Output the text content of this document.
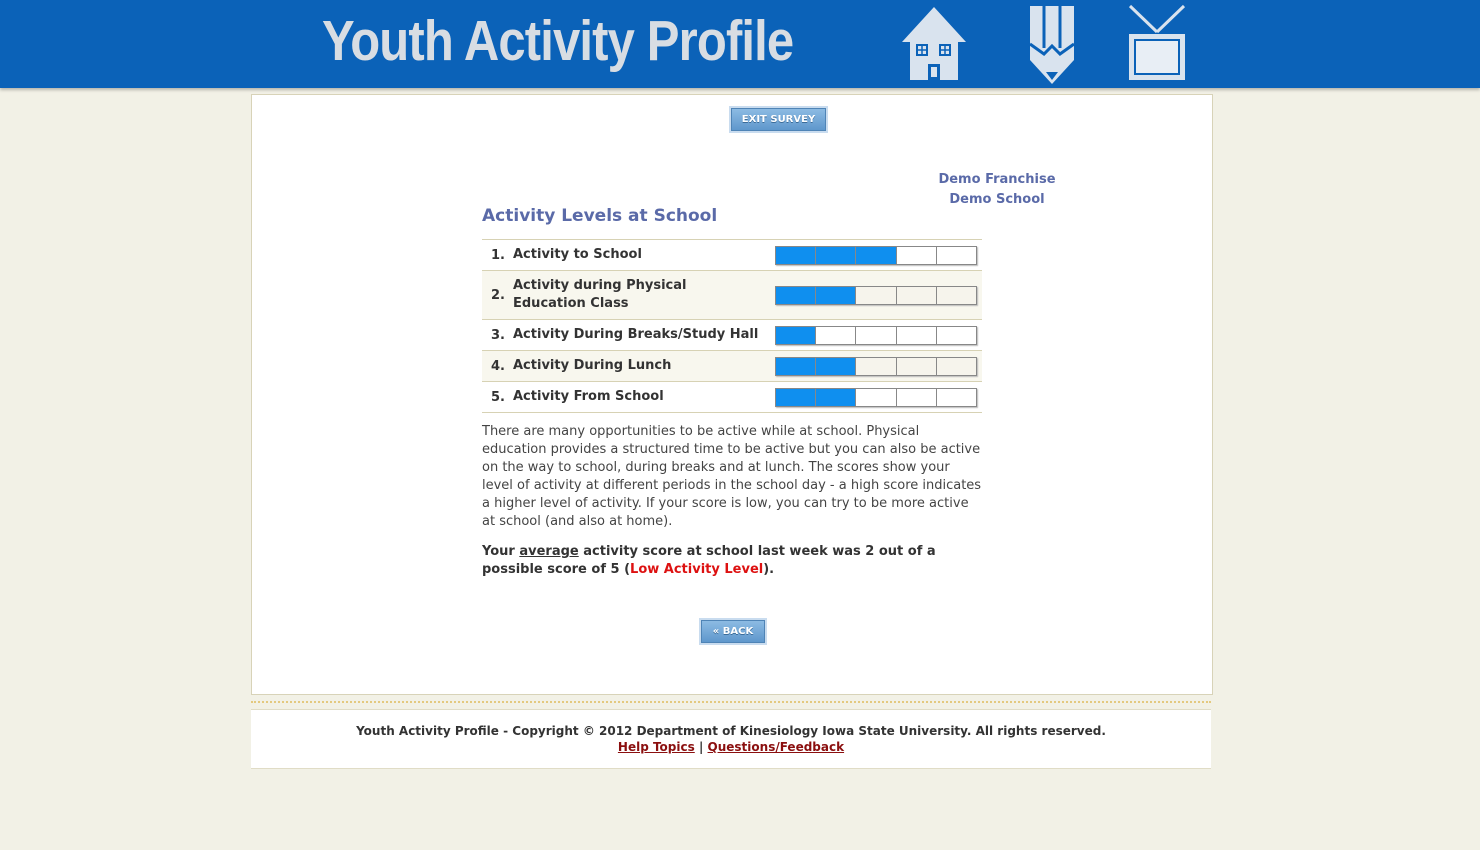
Youth Activity Profile
EXIT SURVEY
Demo Franchise
Demo School
Activity Levels at School
1. Activity to School
2.
Activity during Physical Education Class
3. Activity During Breaks/Study Hall
4. Activity During Lunch
5. Activity From School
There are many opportunities to be active while at school. Physical education provides a structured time to be active but you can also be active on the way to school, during breaks and at lunch. The scores show your level of activity at different periods in the school day - a high score indicates a higher level of activity. If your score is low, you can try to be more active at school (and also at home).
Your average activity score at school last week was 2 out of a possible score of 5 (Low Activity Level).
« BACK
Youth Activity Profile - Copyright © 2012 Department of Kinesiology Iowa State University. All rights reserved.
Help Topics | Questions/Feedback
